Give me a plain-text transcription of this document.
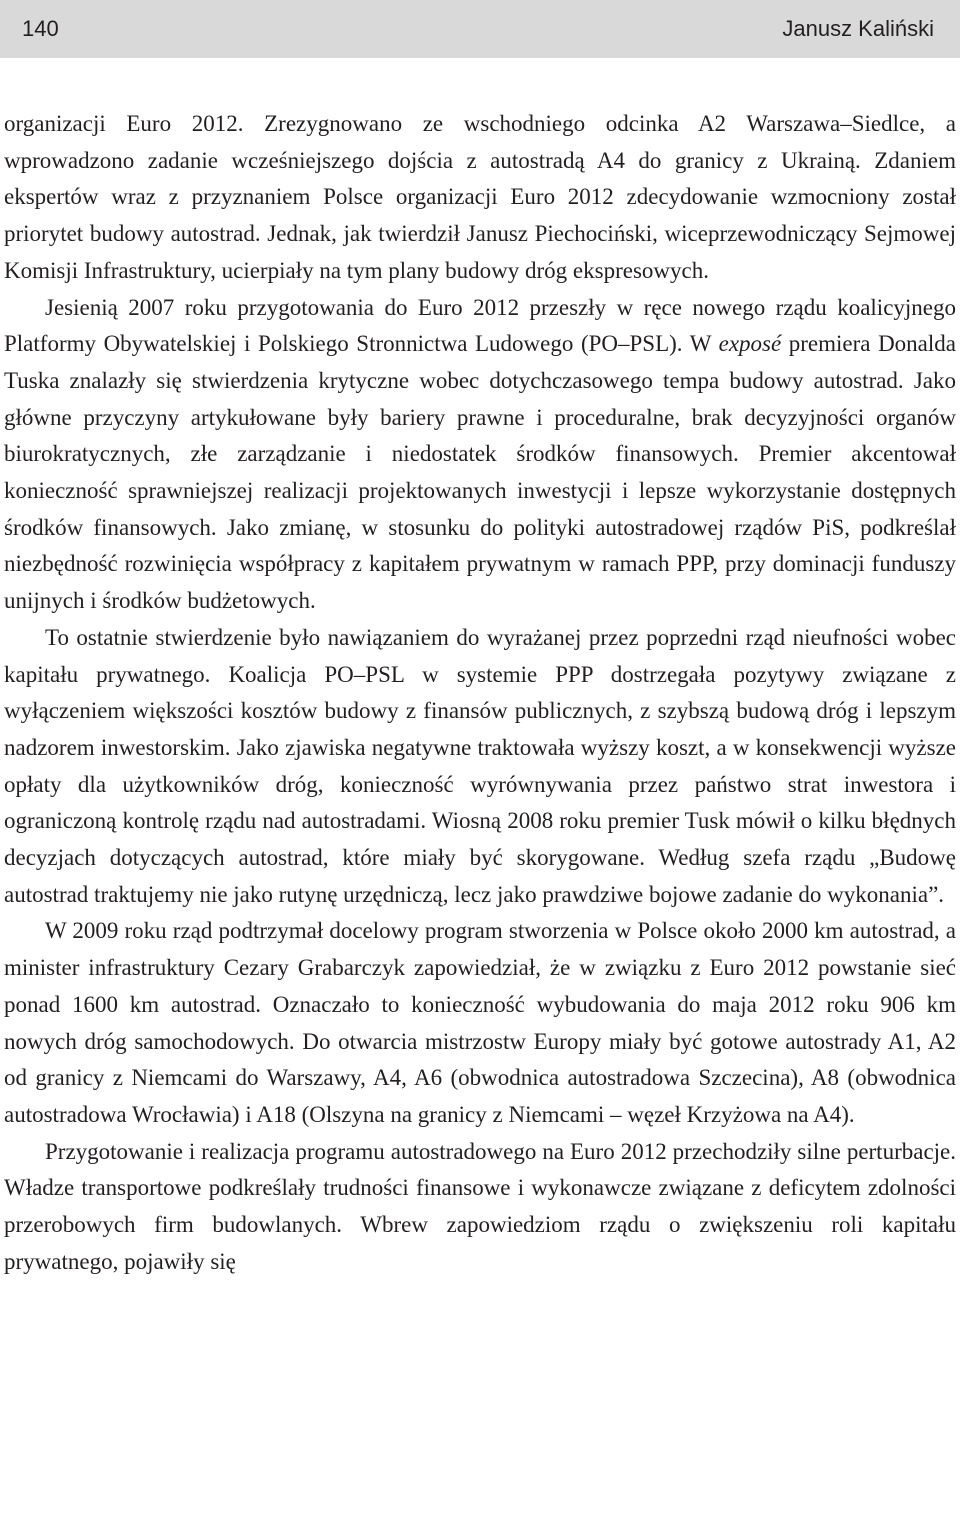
140	Janusz Kaliński

organizacji Euro 2012. Zrezygnowano ze wschodniego odcinka A2 Warszawa–Siedlce, a wprowadzono zadanie wcześniejszego dojścia z autostradą A4 do granicy z Ukrainą. Zdaniem ekspertów wraz z przyznaniem Polsce organizacji Euro 2012 zdecydowanie wzmocniony został priorytet budowy autostrad. Jednak, jak twierdził Janusz Piechociński, wiceprzewodniczący Sejmowej Komisji Infrastruktury, ucierpiały na tym plany budowy dróg ekspresowych.

Jesienią 2007 roku przygotowania do Euro 2012 przeszły w ręce nowego rządu koalicyjnego Platformy Obywatelskiej i Polskiego Stronnictwa Ludowego (PO–PSL). W exposé premiera Donalda Tuska znalazły się stwierdzenia krytyczne wobec dotychczasowego tempa budowy autostrad. Jako główne przyczyny artykułowane były bariery prawne i proceduralne, brak decyzyjności organów biurokratycznych, złe zarządzanie i niedostatek środków finansowych. Premier akcentował konieczność sprawniejszej realizacji projektowanych inwestycji i lepsze wykorzystanie dostępnych środków finansowych. Jako zmianę, w stosunku do polityki autostradowej rządów PiS, podkreślał niezbędność rozwinięcia współpracy z kapitałem prywatnym w ramach PPP, przy dominacji funduszy unijnych i środków budżetowych.

To ostatnie stwierdzenie było nawiązaniem do wyrażanej przez poprzedni rząd nieufności wobec kapitału prywatnego. Koalicja PO–PSL w systemie PPP dostrzegała pozytywy związane z wyłączeniem większości kosztów budowy z finansów publicznych, z szybszą budową dróg i lepszym nadzorem inwestorskim. Jako zjawiska negatywne traktowała wyższy koszt, a w konsekwencji wyższe opłaty dla użytkowników dróg, konieczność wyrównywania przez państwo strat inwestora i ograniczoną kontrolę rządu nad autostradami. Wiosną 2008 roku premier Tusk mówił o kilku błędnych decyzjach dotyczących autostrad, które miały być skorygowane. Według szefa rządu „Budowę autostrad traktujemy nie jako rutynę urzędniczą, lecz jako prawdziwe bojowe zadanie do wykonania”.

W 2009 roku rząd podtrzymał docelowy program stworzenia w Polsce około 2000 km autostrad, a minister infrastruktury Cezary Grabarczyk zapowiedział, że w związku z Euro 2012 powstanie sieć ponad 1600 km autostrad. Oznaczało to konieczność wybudowania do maja 2012 roku 906 km nowych dróg samochodowych. Do otwarcia mistrzostw Europy miały być gotowe autostrady A1, A2 od granicy z Niemcami do Warszawy, A4, A6 (obwodnica autostradowa Szczecina), A8 (obwodnica autostradowa Wrocławia) i A18 (Olszyna na granicy z Niemcami – węzeł Krzyżowa na A4).

Przygotowanie i realizacja programu autostradowego na Euro 2012 przechodziły silne perturbacje. Władze transportowe podkreślały trudności finansowe i wykonawcze związane z deficytem zdolności przerobowych firm budowlanych. Wbrew zapowiedziom rządu o zwiększeniu roli kapitału prywatnego, pojawiły się
